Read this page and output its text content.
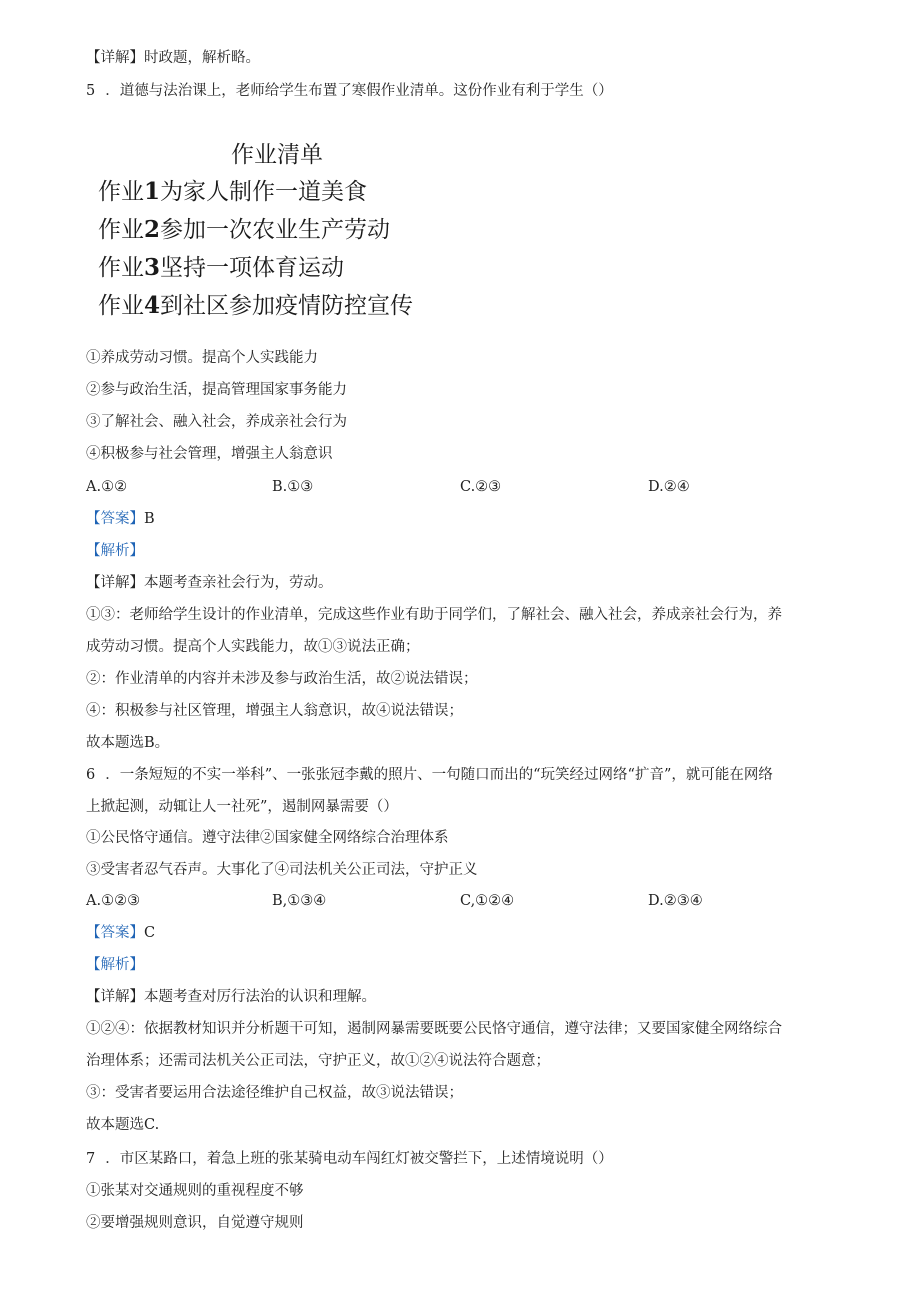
【详解】时政题，解析略。
5 ．道德与法治课上，老师给学生布置了寒假作业清单。这份作业有利于学生（）
作业清单
作业1为家人制作一道美食
作业2参加一次农业生产劳动
作业3坚持一项体育运动
作业4到社区参加疫情防控宣传
①养成劳动习惯。提高个人实践能力
②参与政治生活，提高管理国家事务能力
③了解社会、融入社会，养成亲社会行为
④积极参与社会管理，增强主人翁意识
A.①②	B.①③	C.②③	D.②④
【答案】B
【解析】
【详解】本题考查亲社会行为，劳动。
①③：老师给学生设计的作业清单，完成这些作业有助于同学们，了解社会、融入社会，养成亲社会行为，养
成劳动习惯。提高个人实践能力，故①③说法正确；
②：作业清单的内容并未涉及参与政治生活，故②说法错误；
④：积极参与社区管理，增强主人翁意识，故④说法错误；
故本题选B。
6 ．一条短短的不实一举科”、一张张冠李戴的照片、一句随口而出的“玩笑经过网络“扩音”，就可能在网络
上掀起测，动辄让人一社死”，遏制网暴需要（）
①公民恪守通信。遵守法律②国家健全网络综合治理体系
③受害者忍气吞声。大事化了④司法机关公正司法，守护正义
A.①②③	B,①③④	C,①②④	D.②③④
【答案】C
【解析】
【详解】本题考查对厉行法治的认识和理解。
①②④：依据教材知识并分析题干可知，遏制网暴需要既要公民恪守通信，遵守法律；又要国家健全网络综合
治理体系；还需司法机关公正司法，守护正义，故①②④说法符合题意；
③：受害者要运用合法途径维护自己权益，故③说法错误；
故本题选C.
7 ．市区某路口，着急上班的张某骑电动车闯红灯被交警拦下，上述情境说明（）
①张某对交通规则的重视程度不够
②要增强规则意识，自觉遵守规则
